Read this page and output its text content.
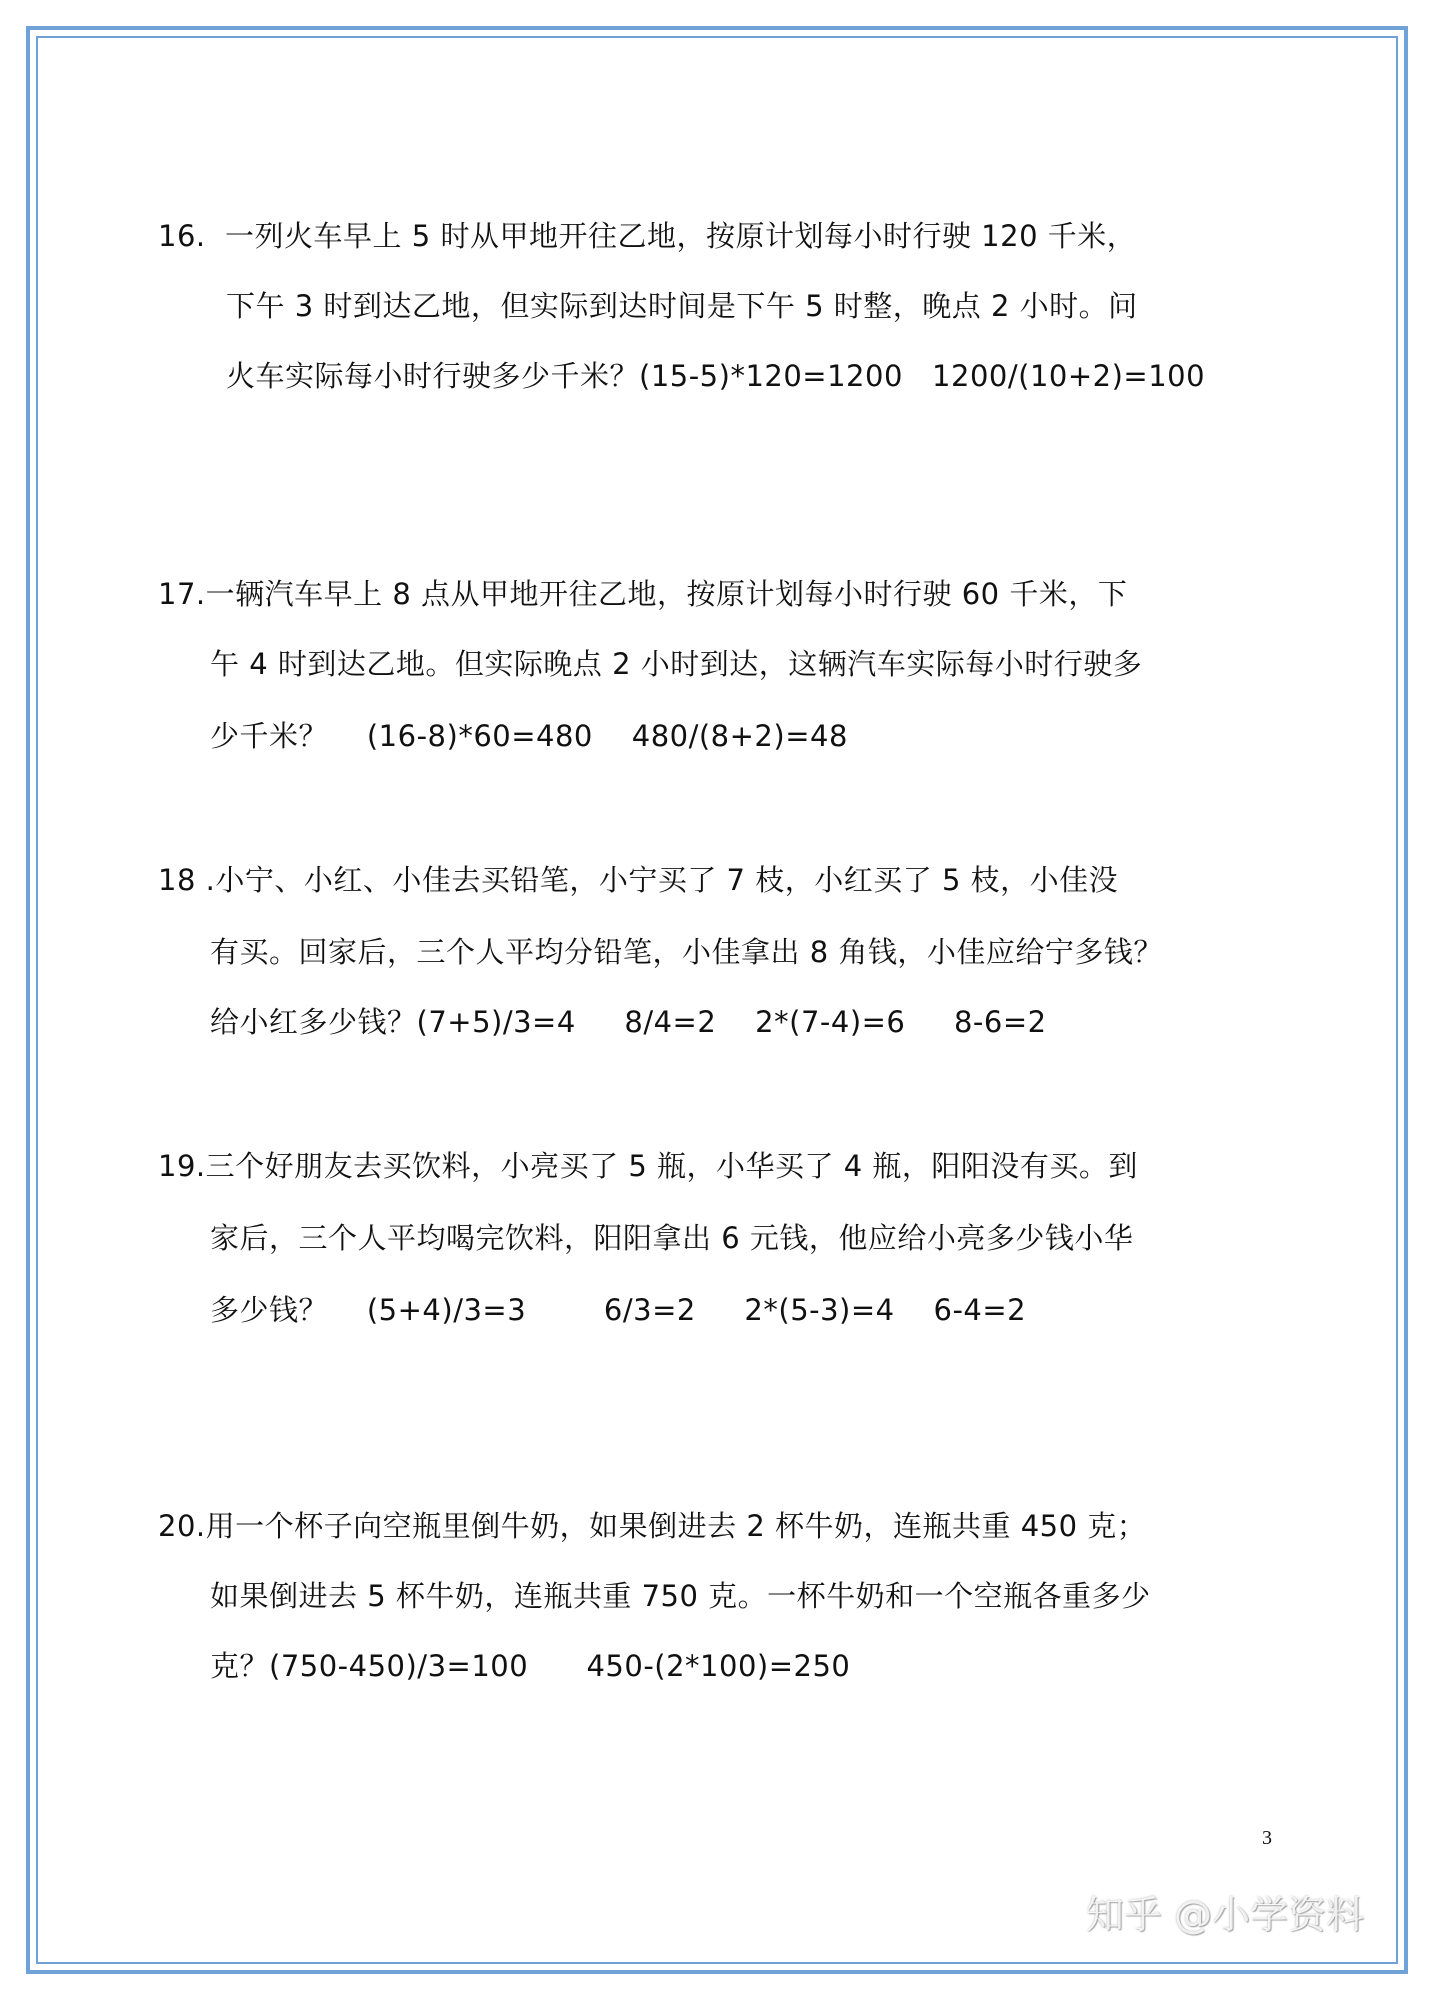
16.  一列火车早上 5 时从甲地开往乙地，按原计划每小时行驶 120 千米，
下午 3 时到达乙地，但实际到达时间是下午 5 时整，晚点 2 小时。问
火车实际每小时行驶多少千米？(15-5)*120=1200   1200/(10+2)=100
17.一辆汽车早上 8 点从甲地开往乙地，按原计划每小时行驶 60 千米，下
午 4 时到达乙地。但实际晚点 2 小时到达，这辆汽车实际每小时行驶多
少千米？    (16-8)*60=480    480/(8+2)=48
18 .小宁、小红、小佳去买铅笔，小宁买了 7 枝，小红买了 5 枝，小佳没
有买。回家后，三个人平均分铅笔，小佳拿出 8 角钱，小佳应给宁多钱？
给小红多少钱？(7+5)/3=4     8/4=2    2*(7-4)=6     8-6=2
19.三个好朋友去买饮料，小亮买了 5 瓶，小华买了 4 瓶，阳阳没有买。到
家后，三个人平均喝完饮料，阳阳拿出 6 元钱，他应给小亮多少钱小华
多少钱？    (5+4)/3=3        6/3=2     2*(5-3)=4    6-4=2
20.用一个杯子向空瓶里倒牛奶，如果倒进去 2 杯牛奶，连瓶共重 450 克；
如果倒进去 5 杯牛奶，连瓶共重 750 克。一杯牛奶和一个空瓶各重多少
克？(750-450)/3=100      450-(2*100)=250
3
知乎 @小学资料
